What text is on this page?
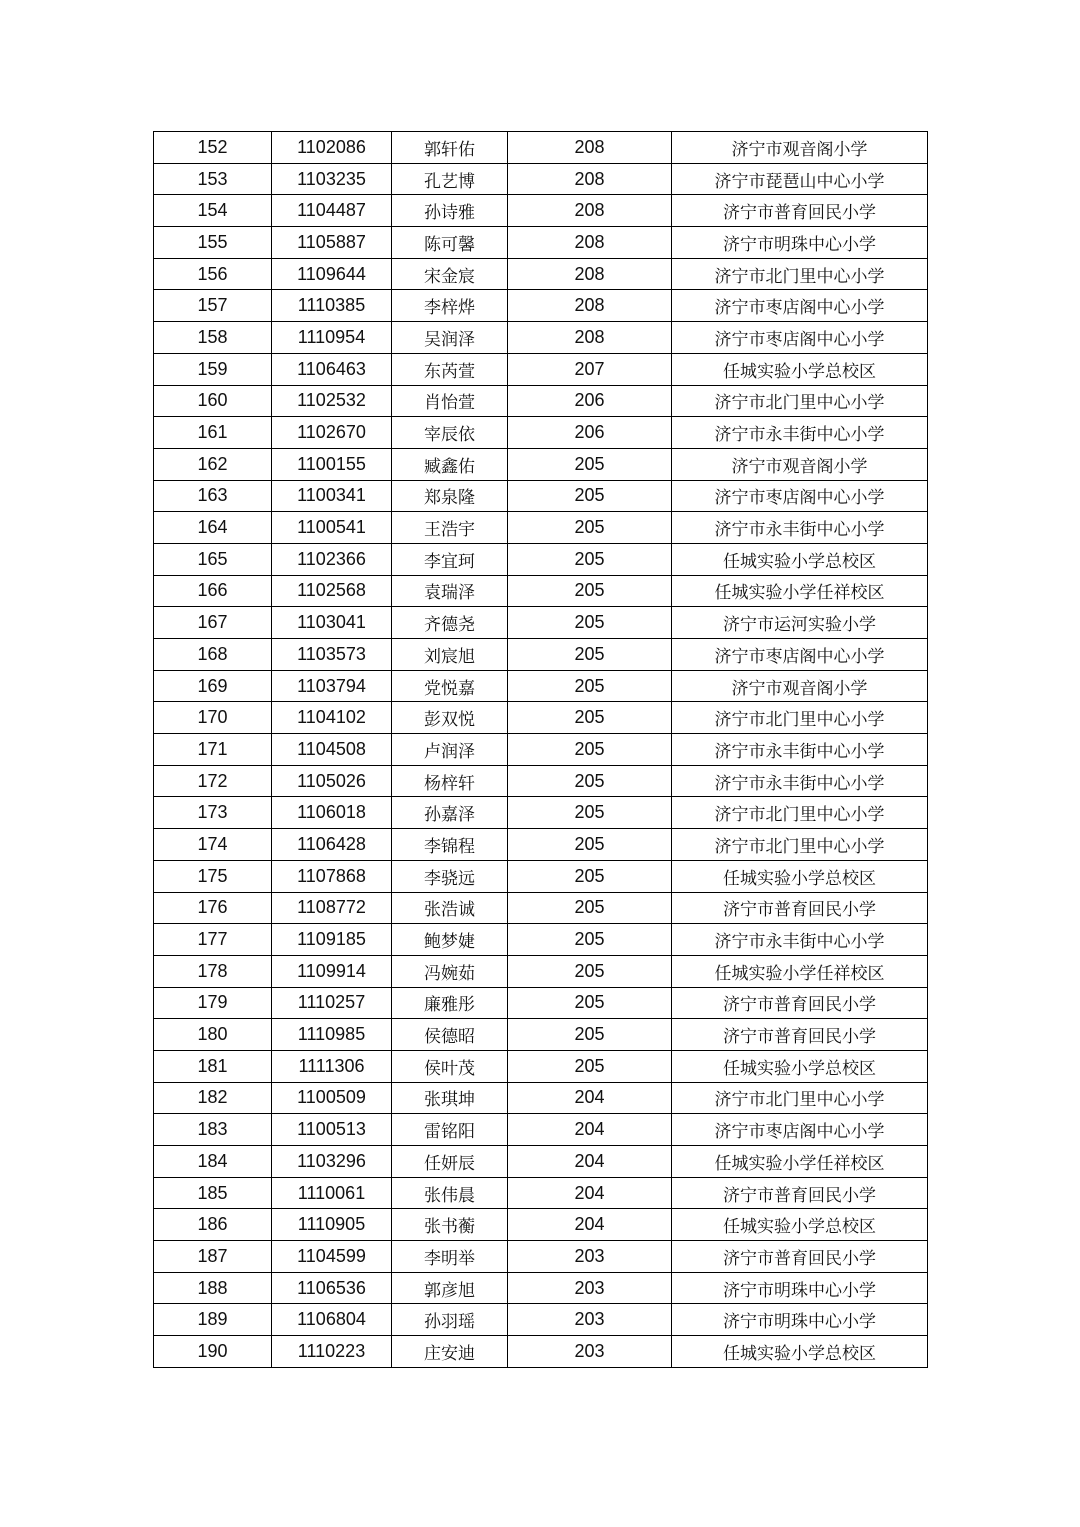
152	1102086	郭轩佑	208	济宁市观音阁小学
153	1103235	孔艺博	208	济宁市琵琶山中心小学
154	1104487	孙诗雅	208	济宁市普育回民小学
155	1105887	陈可馨	208	济宁市明珠中心小学
156	1109644	宋金宸	208	济宁市北门里中心小学
157	1110385	李梓烨	208	济宁市枣店阁中心小学
158	1110954	吴润泽	208	济宁市枣店阁中心小学
159	1106463	东芮萱	207	任城实验小学总校区
160	1102532	肖怡萱	206	济宁市北门里中心小学
161	1102670	宰辰依	206	济宁市永丰街中心小学
162	1100155	臧鑫佑	205	济宁市观音阁小学
163	1100341	郑泉隆	205	济宁市枣店阁中心小学
164	1100541	王浩宇	205	济宁市永丰街中心小学
165	1102366	李宜珂	205	任城实验小学总校区
166	1102568	袁瑞泽	205	任城实验小学任祥校区
167	1103041	齐德尧	205	济宁市运河实验小学
168	1103573	刘宸旭	205	济宁市枣店阁中心小学
169	1103794	党悦嘉	205	济宁市观音阁小学
170	1104102	彭双悦	205	济宁市北门里中心小学
171	1104508	卢润泽	205	济宁市永丰街中心小学
172	1105026	杨梓轩	205	济宁市永丰街中心小学
173	1106018	孙嘉泽	205	济宁市北门里中心小学
174	1106428	李锦程	205	济宁市北门里中心小学
175	1107868	李骁远	205	任城实验小学总校区
176	1108772	张浩诚	205	济宁市普育回民小学
177	1109185	鲍梦婕	205	济宁市永丰街中心小学
178	1109914	冯婉茹	205	任城实验小学任祥校区
179	1110257	廉雅彤	205	济宁市普育回民小学
180	1110985	侯德昭	205	济宁市普育回民小学
181	1111306	侯叶茂	205	任城实验小学总校区
182	1100509	张琪坤	204	济宁市北门里中心小学
183	1100513	雷铭阳	204	济宁市枣店阁中心小学
184	1103296	任妍辰	204	任城实验小学任祥校区
185	1110061	张伟晨	204	济宁市普育回民小学
186	1110905	张书蘅	204	任城实验小学总校区
187	1104599	李明举	203	济宁市普育回民小学
188	1106536	郭彦旭	203	济宁市明珠中心小学
189	1106804	孙羽瑶	203	济宁市明珠中心小学
190	1110223	庄安迪	203	任城实验小学总校区
